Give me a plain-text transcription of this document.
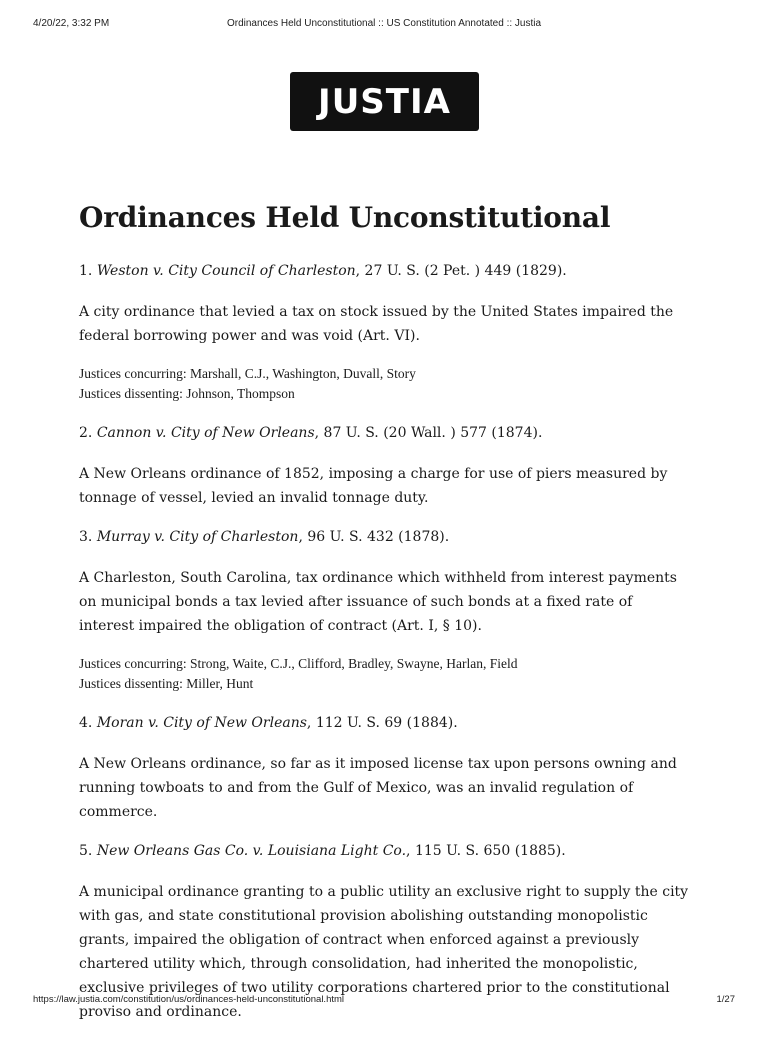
4/20/22, 3:32 PM	Ordinances Held Unconstitutional :: US Constitution Annotated :: Justia
JUSTIA
Ordinances Held Unconstitutional

1. Weston v. City Council of Charleston, 27 U. S. (2 Pet. ) 449 (1829).

A city ordinance that levied a tax on stock issued by the United States impaired the federal borrowing power and was void (Art. VI).

Justices concurring: Marshall, C.J., Washington, Duvall, Story
Justices dissenting: Johnson, Thompson

2. Cannon v. City of New Orleans, 87 U. S. (20 Wall. ) 577 (1874).

A New Orleans ordinance of 1852, imposing a charge for use of piers measured by tonnage of vessel, levied an invalid tonnage duty.

3. Murray v. City of Charleston, 96 U. S. 432 (1878).

A Charleston, South Carolina, tax ordinance which withheld from interest payments on municipal bonds a tax levied after issuance of such bonds at a fixed rate of interest impaired the obligation of contract (Art. I, § 10).

Justices concurring: Strong, Waite, C.J., Clifford, Bradley, Swayne, Harlan, Field
Justices dissenting: Miller, Hunt

4. Moran v. City of New Orleans, 112 U. S. 69 (1884).

A New Orleans ordinance, so far as it imposed license tax upon persons owning and running towboats to and from the Gulf of Mexico, was an invalid regulation of commerce.

5. New Orleans Gas Co. v. Louisiana Light Co., 115 U. S. 650 (1885).

A municipal ordinance granting to a public utility an exclusive right to supply the city with gas, and state constitutional provision abolishing outstanding monopolistic grants, impaired the obligation of contract when enforced against a previously chartered utility which, through consolidation, had inherited the monopolistic, exclusive privileges of two utility corporations chartered prior to the constitutional proviso and ordinance.

https://law.justia.com/constitution/us/ordinances-held-unconstitutional.html	1/27
